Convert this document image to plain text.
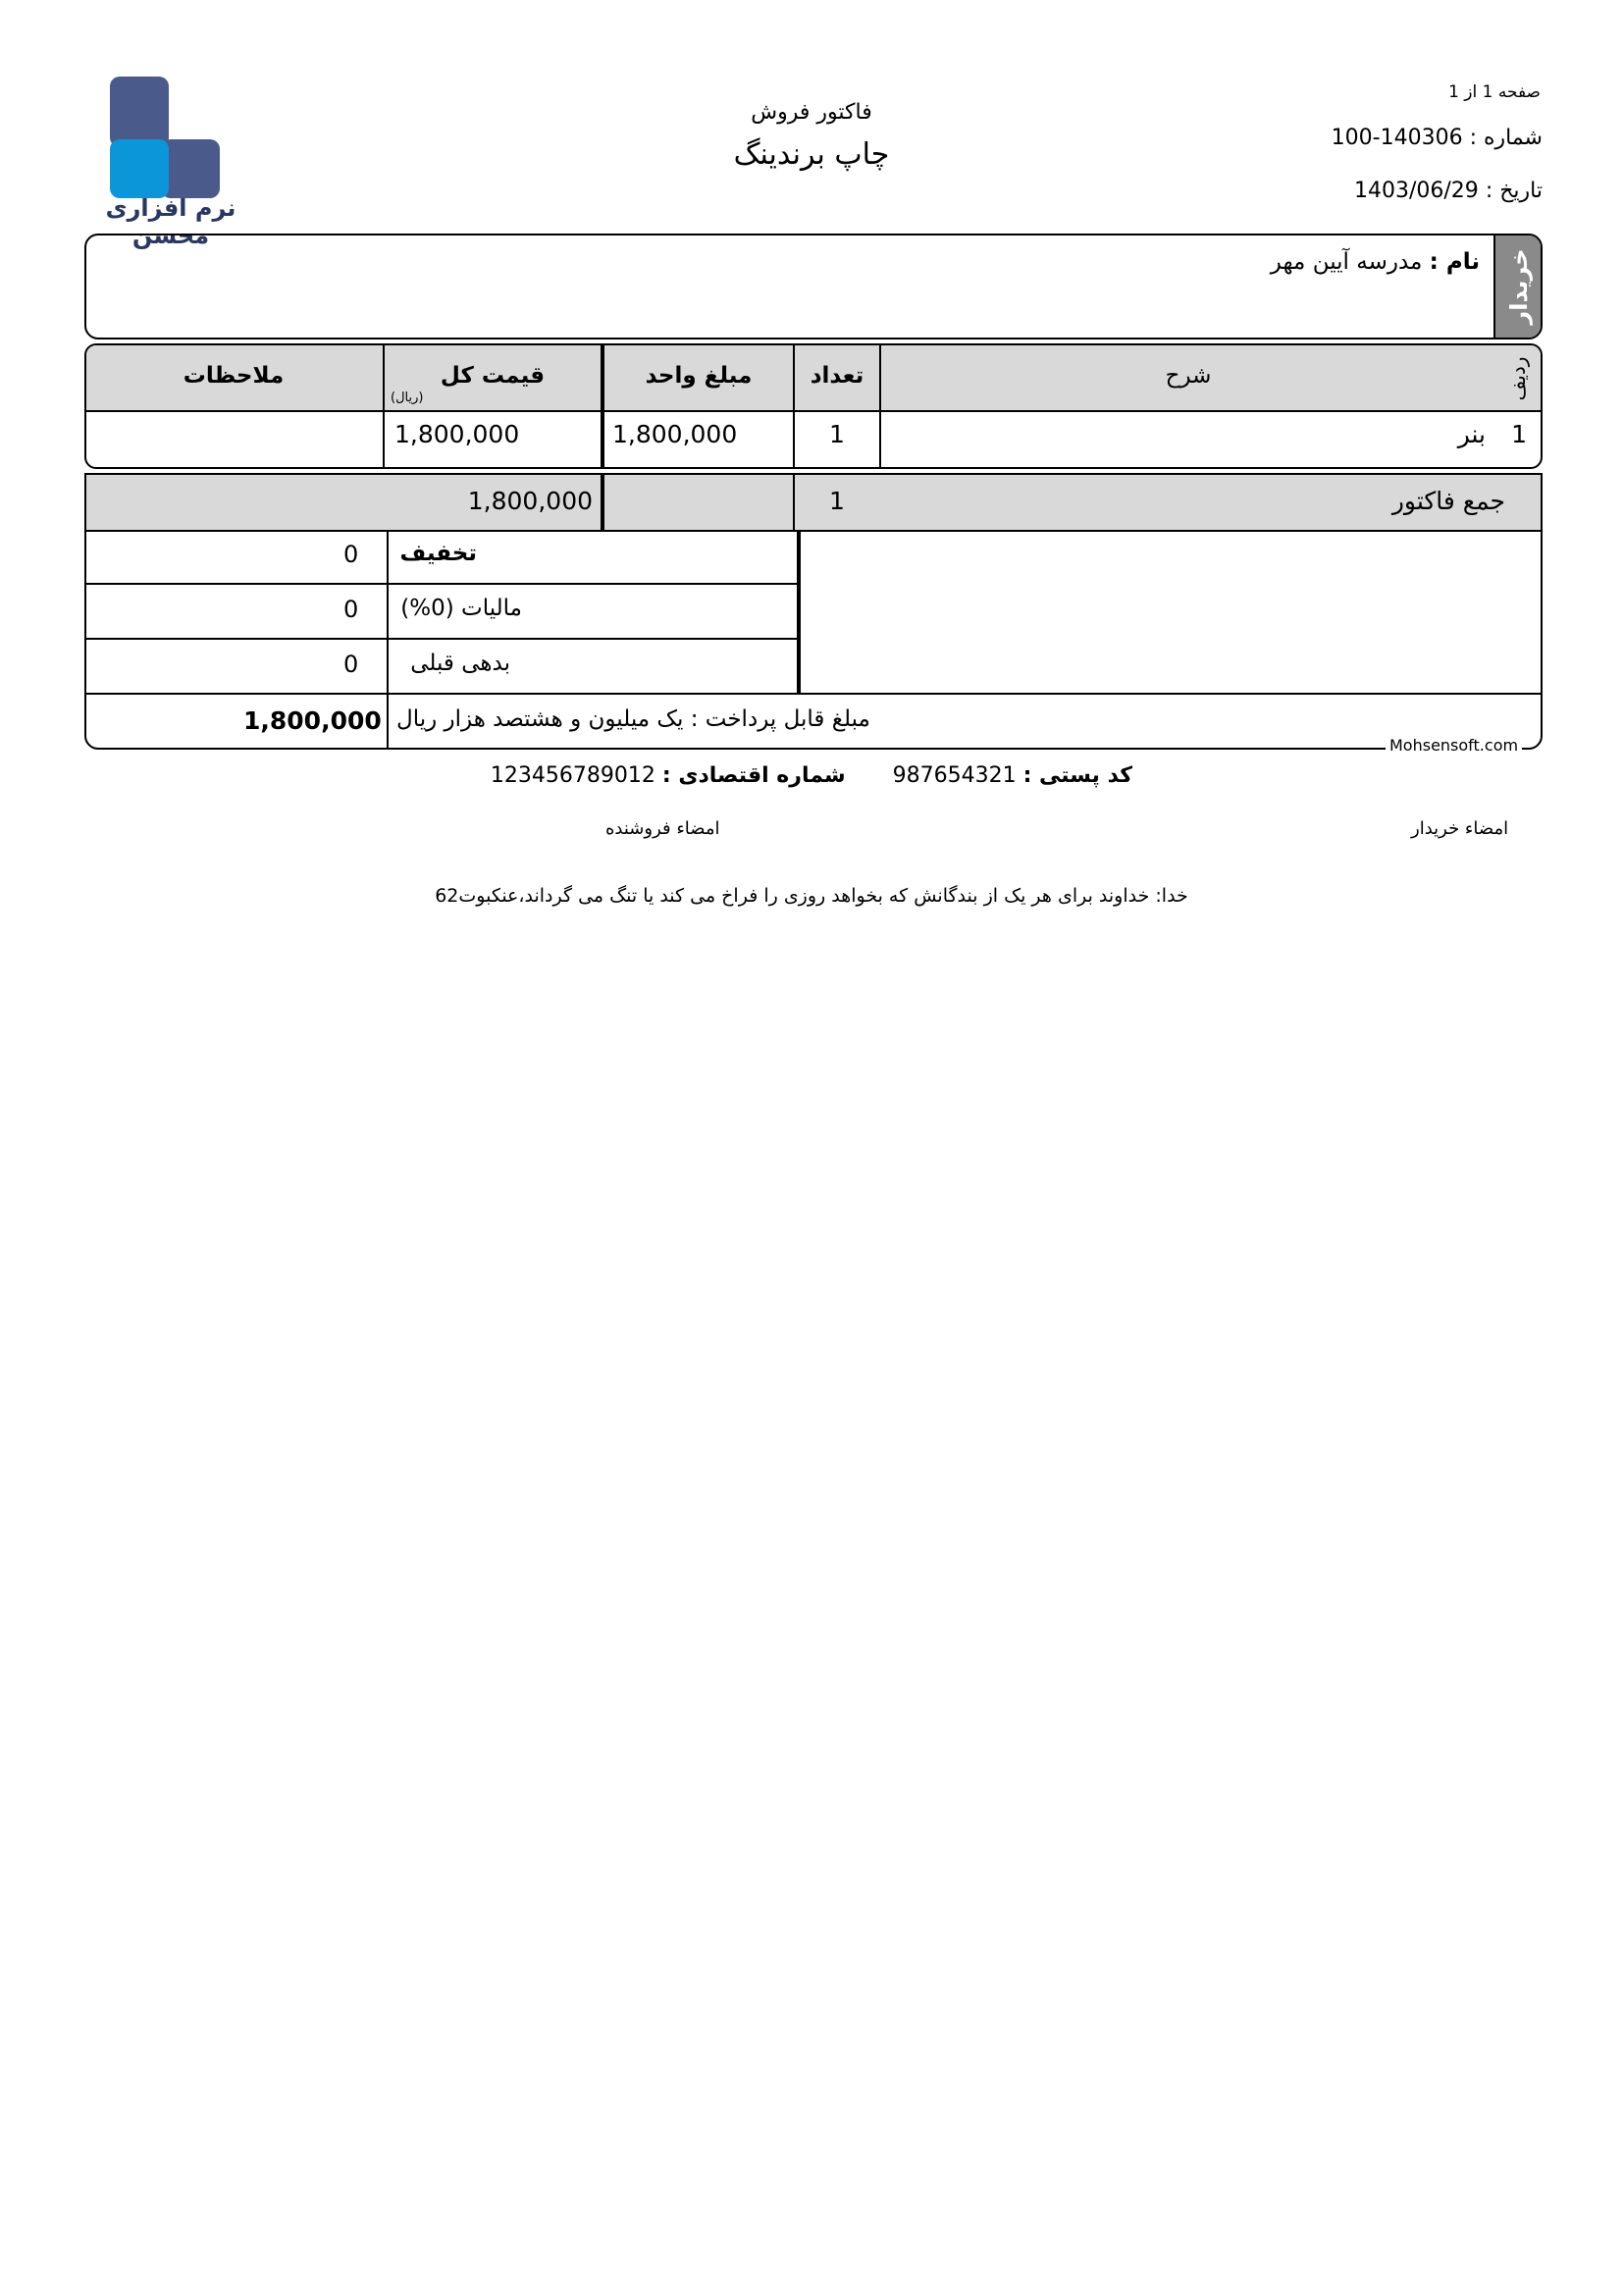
صفحه 1 از 1
فاکتور فروش
چاپ برندینگ	شماره : 100-140306
تاریخ : 1403/06/29
نرم افزاری محسن
خریدار
نام : مدرسه آیین مهر
ردیف
شرح
تعداد
مبلغ واحد
قیمت کل
(ریال)
ملاحظات
1
بنر
1
1,800,000
1,800,000
جمع فاکتور
1
1,800,000
تخفیف
0
مالیات (0%)
0
بدهی قبلی
0
مبلغ قابل پرداخت : یک میلیون و هشتصد هزار ریال
1,800,000
Mohsensoft.com
کد پستی : 987654321  شماره اقتصادی : 123456789012
امضاء فروشنده	امضاء خریدار
خدا: خداوند برای هر یک از بندگانش که بخواهد روزی را فراخ می کند یا تنگ می گرداند،عنکبوت62
